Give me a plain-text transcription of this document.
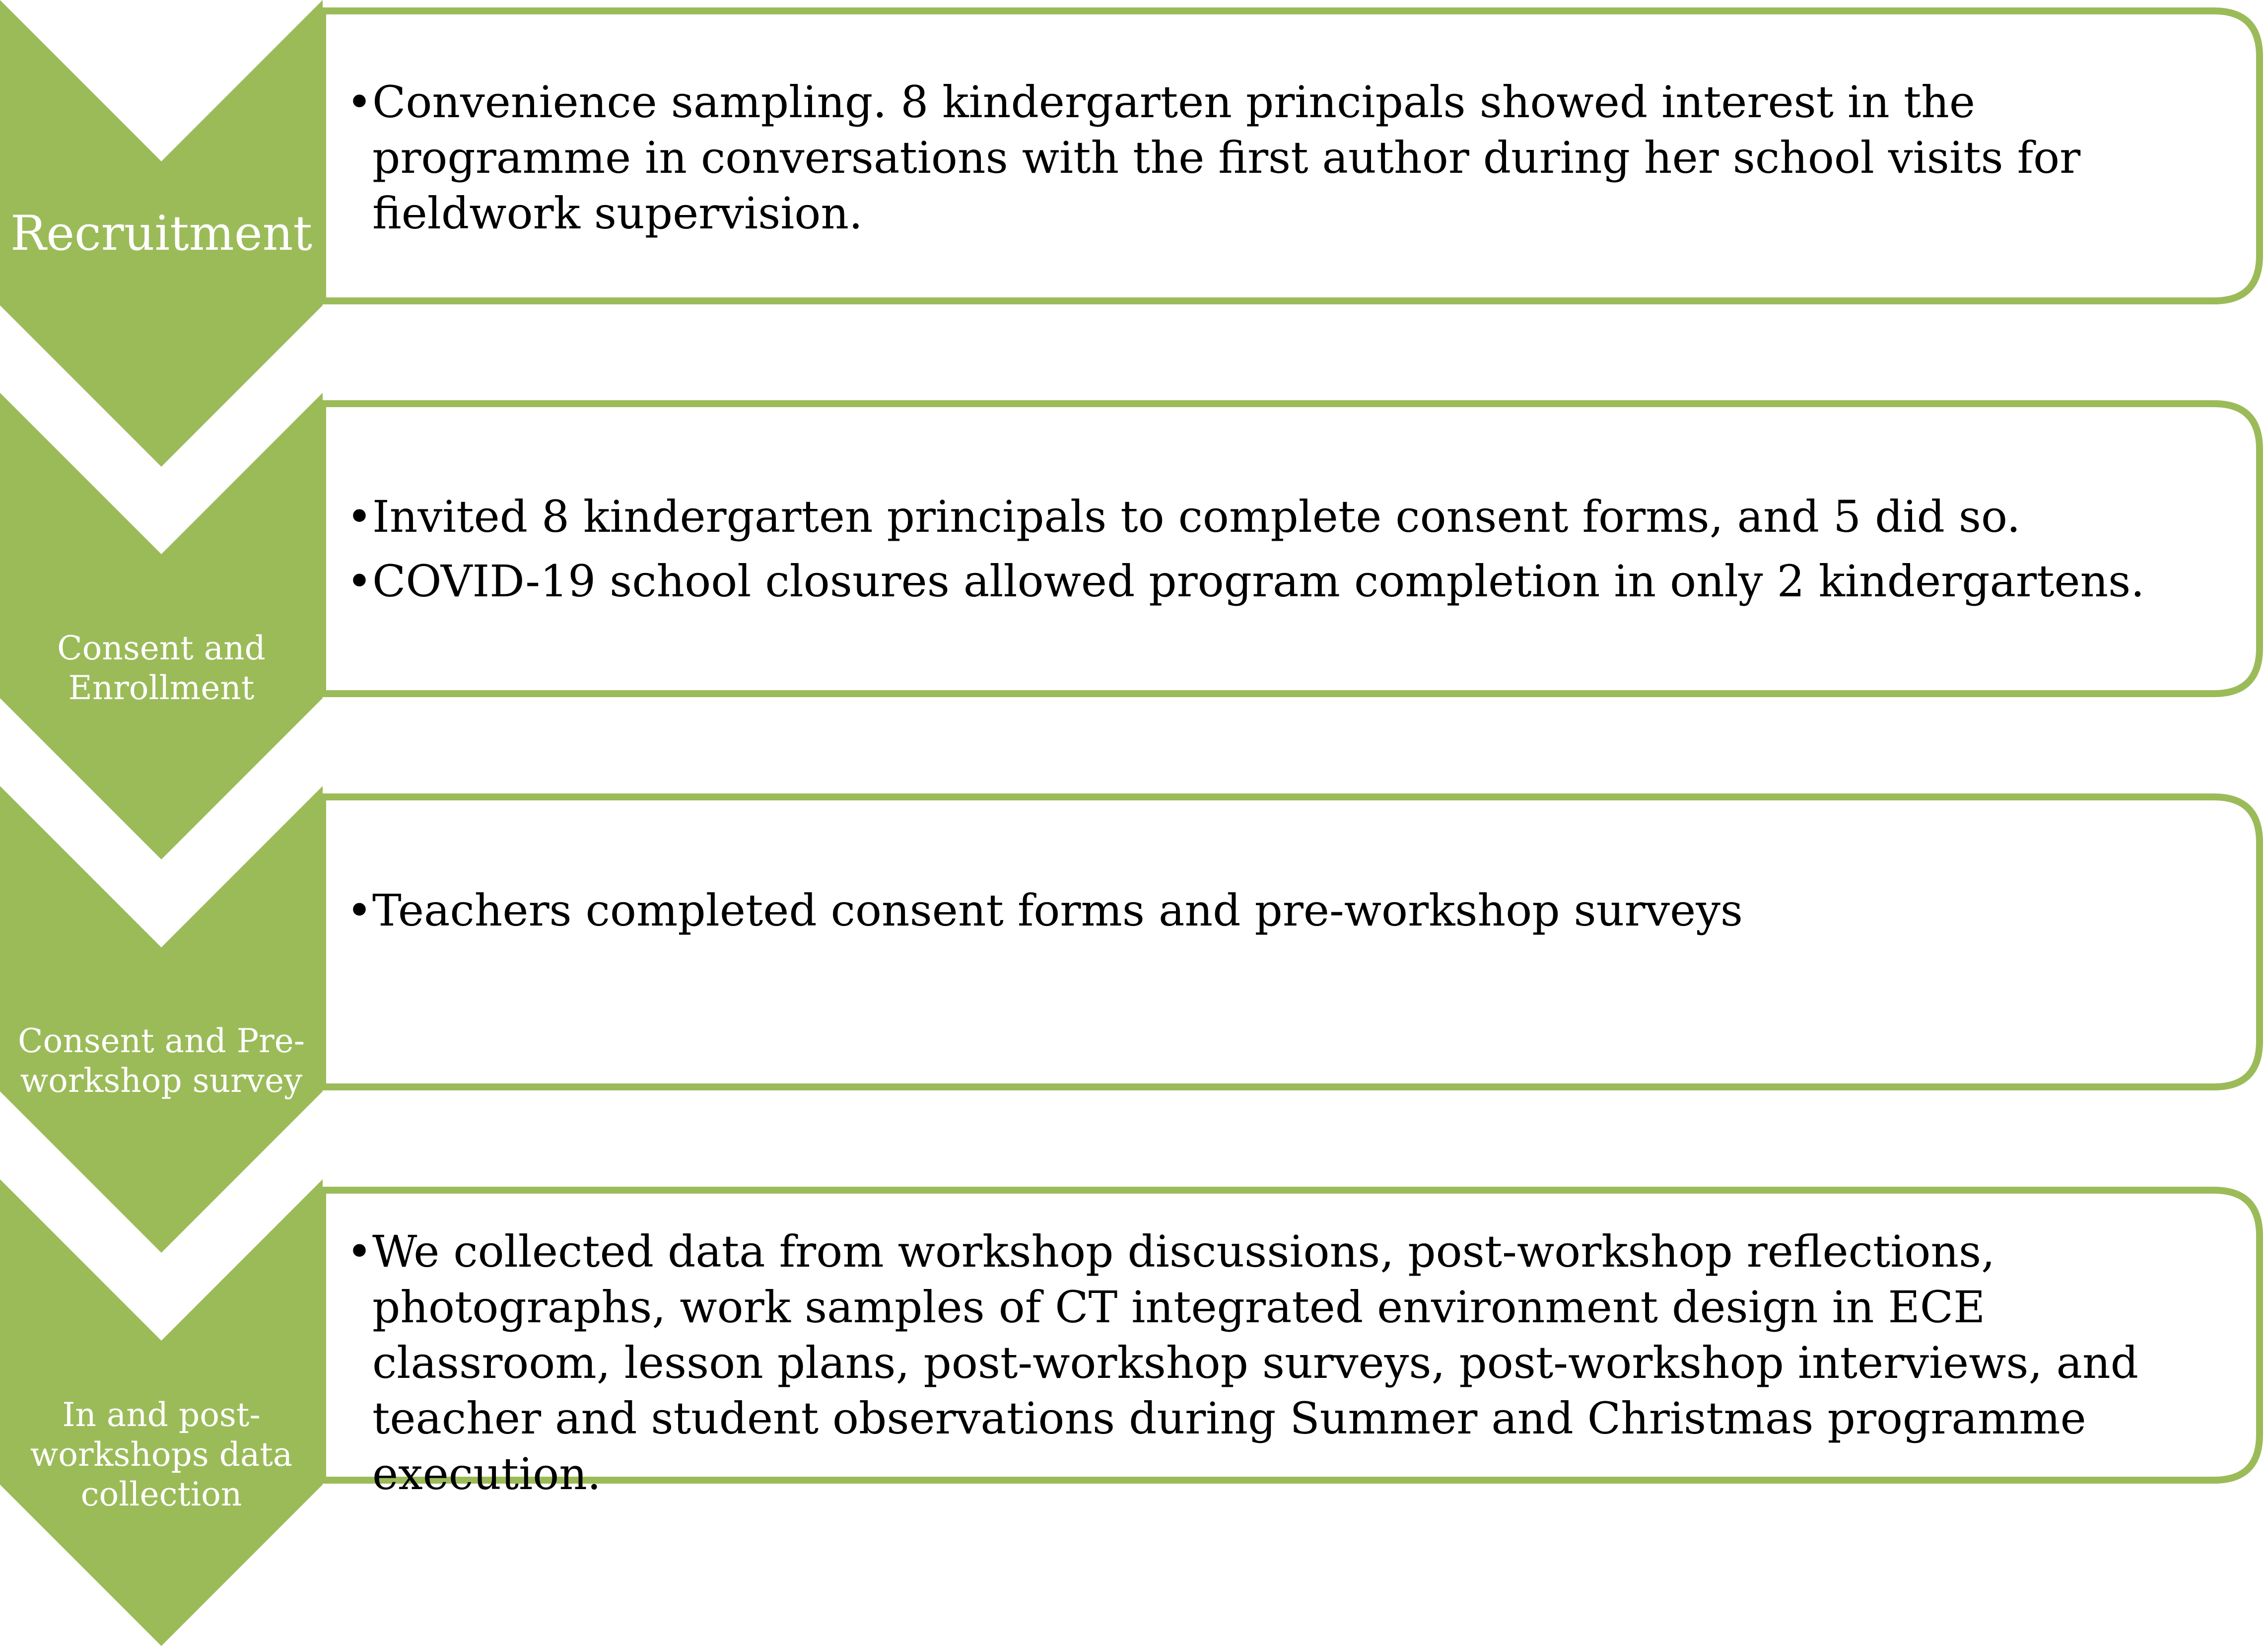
Recruitment

Consent and Enrollment

Consent and Pre-workshop survey

In and post-workshops data collection

• Convenience sampling. 8 kindergarten principals showed interest in the programme in conversations with the first author during her school visits for fieldwork supervision.
• Invited 8 kindergarten principals to complete consent forms, and 5 did so.
• COVID-19 school closures allowed program completion in only 2 kindergartens.
• Teachers completed consent forms and pre-workshop surveys
• We collected data from workshop discussions, post-workshop reflections, photographs, work samples of CT integrated environment design in ECE classroom, lesson plans, post-workshop surveys, post-workshop interviews, and teacher and student observations during Summer and Christmas programme execution.
